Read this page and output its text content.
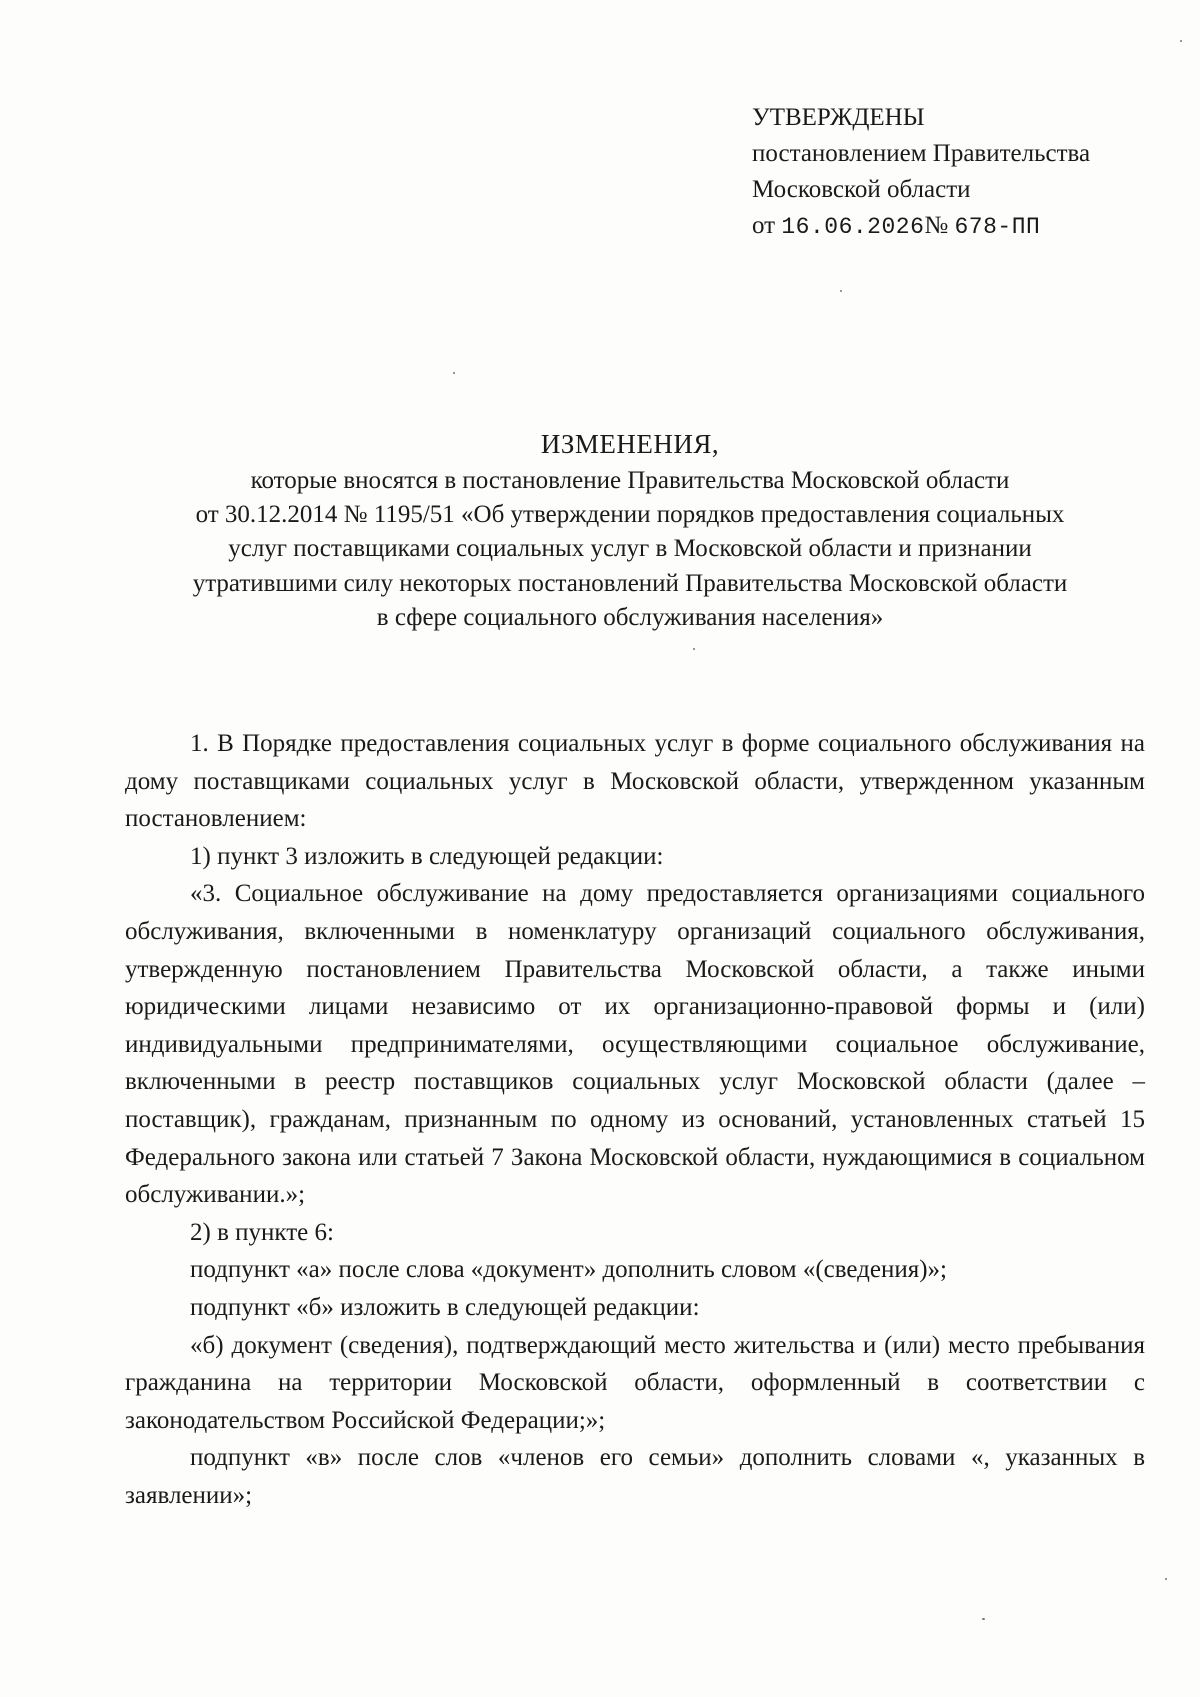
УТВЕРЖДЕНЫ
постановлением Правительства
Московской области
от 16.06.2026№ 678-ПП
ИЗМЕНЕНИЯ,
которые вносятся в постановление Правительства Московской области
от 30.12.2014 № 1195/51 «Об утверждении порядков предоставления социальных
услуг поставщиками социальных услуг в Московской области и признании
утратившими силу некоторых постановлений Правительства Московской области
в сфере социального обслуживания населения»

1. В Порядке предоставления социальных услуг в форме социального обслуживания на дому поставщиками социальных услуг в Московской области, утвержденном указанным постановлением:

1) пункт 3 изложить в следующей редакции:

«3. Социальное обслуживание на дому предоставляется организациями социального обслуживания, включенными в номенклатуру организаций социального обслуживания, утвержденную постановлением Правительства Московской области, а также иными юридическими лицами независимо от их организационно-правовой формы и (или) индивидуальными предпринимателями, осуществляющими социальное обслуживание, включенными в реестр поставщиков социальных услуг Московской области (далее – поставщик), гражданам, признанным по одному из оснований, установленных статьей 15 Федерального закона или статьей 7 Закона Московской области, нуждающимися в социальном обслуживании.»;

2) в пункте 6:

подпункт «а» после слова «документ» дополнить словом «(сведения)»;

подпункт «б» изложить в следующей редакции:

«б) документ (сведения), подтверждающий место жительства и (или) место пребывания гражданина на территории Московской области, оформленный в соответствии с законодательством Российской Федерации;»;

подпункт «в» после слов «членов его семьи» дополнить словами «, указанных в заявлении»;
